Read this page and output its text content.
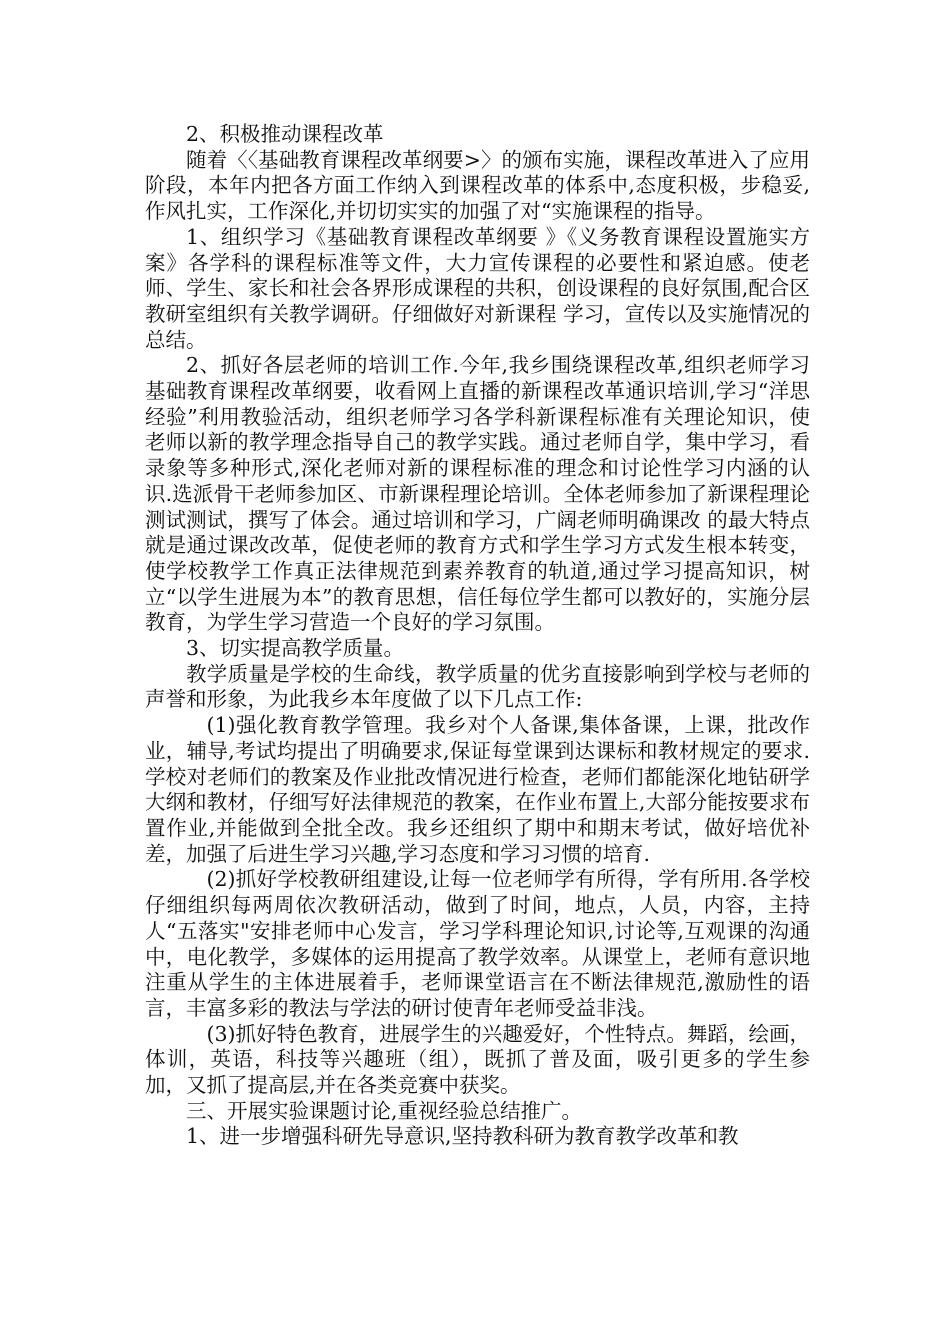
2、积极推动课程改革

随着〈〈基础教育课程改革纲要>〉的颁布实施，课程改革进入了应用阶段，本年内把各方面工作纳入到课程改革的体系中,态度积极，步稳妥,作风扎实，工作深化,并切切实实的加强了对“实施课程的指导。

1、组织学习《基础教育课程改革纲要 》《义务教育课程设置施实方案》各学科的课程标准等文件，大力宣传课程的必要性和紧迫感。使老师、学生、家长和社会各界形成课程的共积，创设课程的良好氛围,配合区教研室组织有关教学调研。仔细做好对新课程 学习，宣传以及实施情况的总结。

2、抓好各层老师的培训工作.今年,我乡围绕课程改革,组织老师学习基础教育课程改革纲要，收看网上直播的新课程改革通识培训,学习“洋思经验”利用教验活动，组织老师学习各学科新课程标准有关理论知识，使老师以新的教学理念指导自己的教学实践。通过老师自学，集中学习，看录象等多种形式,深化老师对新的课程标准的理念和讨论性学习内涵的认识.选派骨干老师参加区、市新课程理论培训。全体老师参加了新课程理论测试测试，撰写了体会。通过培训和学习，广阔老师明确课改 的最大特点就是通过课改改革，促使老师的教育方式和学生学习方式发生根本转变，使学校教学工作真正法律规范到素养教育的轨道,通过学习提高知识，树立“以学生进展为本”的教育思想，信任每位学生都可以教好的，实施分层教育，为学生学习营造一个良好的学习氛围。

3、切实提高教学质量。

教学质量是学校的生命线，教学质量的优劣直接影响到学校与老师的声誉和形象，为此我乡本年度做了以下几点工作:

(1)强化教育教学管理。我乡对个人备课,集体备课，上课，批改作业，辅导,考试均提出了明确要求,保证每堂课到达课标和教材规定的要求.学校对老师们的教案及作业批改情况进行检查，老师们都能深化地钻研学大纲和教材，仔细写好法律规范的教案，在作业布置上,大部分能按要求布置作业,并能做到全批全改。我乡还组织了期中和期末考试，做好培优补差，加强了后进生学习兴趣,学习态度和学习习惯的培育.

(2)抓好学校教研组建设,让每一位老师学有所得，学有所用.各学校仔细组织每两周依次教研活动，做到了时间，地点，人员，内容，主持人“五落实"安排老师中心发言，学习学科理论知识,讨论等,互观课的沟通中，电化教学，多媒体的运用提高了教学效率。从课堂上，老师有意识地注重从学生的主体进展着手，老师课堂语言在不断法律规范,激励性的语言，丰富多彩的教法与学法的研讨使青年老师受益非浅。

(3)抓好特色教育，进展学生的兴趣爱好，个性特点。舞蹈，绘画，体训，英语，科技等兴趣班（组），既抓了普及面，吸引更多的学生参加，又抓了提高层,并在各类竞赛中获奖。

三、开展实验课题讨论,重视经验总结推广。

1、进一步增强科研先导意识,坚持教科研为教育教学改革和教
